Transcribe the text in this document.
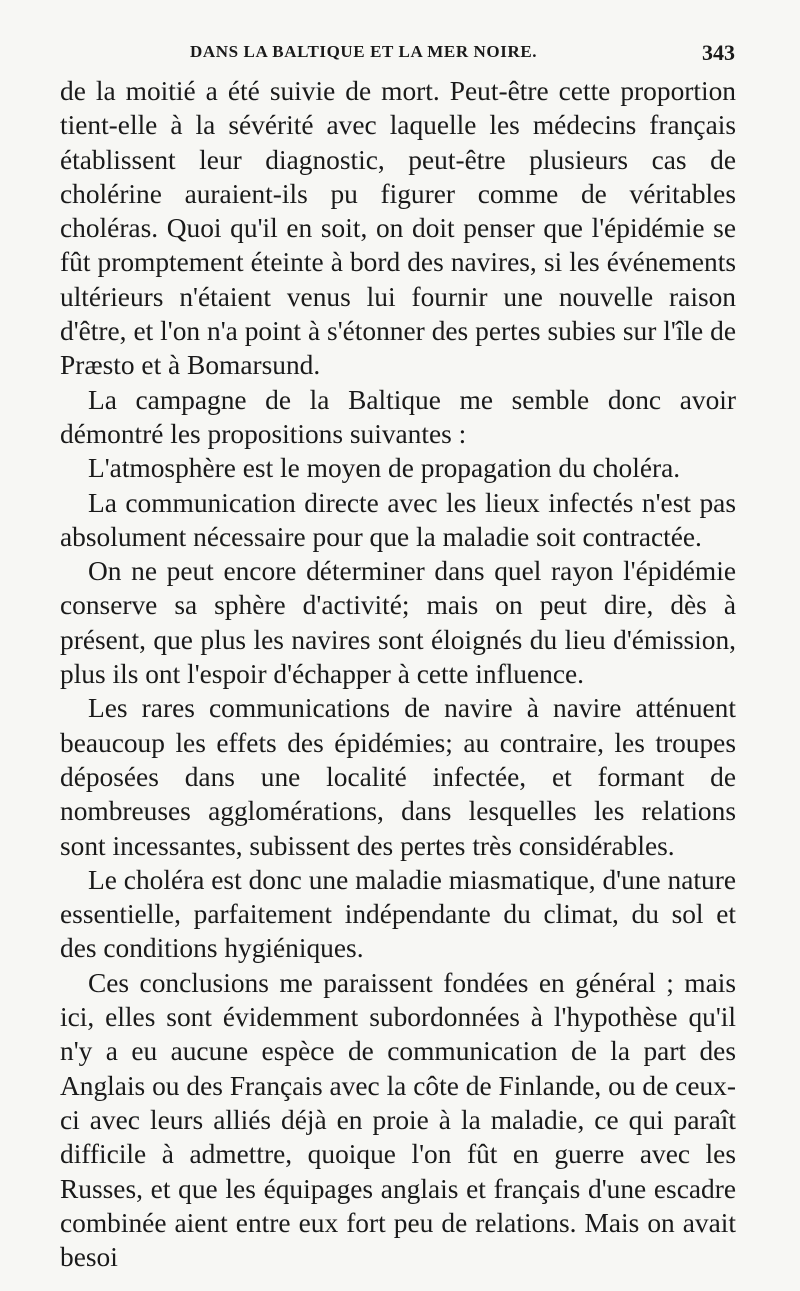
DANS LA BALTIQUE ET LA MER NOIRE.	343

de la moitié a été suivie de mort. Peut-être cette proportion tient-elle à la sévérité avec laquelle les médecins français établissent leur diagnostic, peut-être plusieurs cas de cholérine auraient-ils pu figurer comme de véritables choléras. Quoi qu'il en soit, on doit penser que l'épidémie se fût promptement éteinte à bord des navires, si les événements ultérieurs n'étaient venus lui fournir une nouvelle raison d'être, et l'on n'a point à s'étonner des pertes subies sur l'île de Præsto et à Bomarsund.

La campagne de la Baltique me semble donc avoir démontré les propositions suivantes :

L'atmosphère est le moyen de propagation du choléra.

La communication directe avec les lieux infectés n'est pas absolument nécessaire pour que la maladie soit contractée.

On ne peut encore déterminer dans quel rayon l'épidémie conserve sa sphère d'activité; mais on peut dire, dès à présent, que plus les navires sont éloignés du lieu d'émission, plus ils ont l'espoir d'échapper à cette influence.

Les rares communications de navire à navire atténuent beaucoup les effets des épidémies; au contraire, les troupes déposées dans une localité infectée, et formant de nombreuses agglomérations, dans lesquelles les relations sont incessantes, subissent des pertes très considérables.

Le choléra est donc une maladie miasmatique, d'une nature essentielle, parfaitement indépendante du climat, du sol et des conditions hygiéniques.

Ces conclusions me paraissent fondées en général ; mais ici, elles sont évidemment subordonnées à l'hypothèse qu'il n'y a eu aucune espèce de communication de la part des Anglais ou des Français avec la côte de Finlande, ou de ceux-ci avec leurs alliés déjà en proie à la maladie, ce qui paraît difficile à admettre, quoique l'on fût en guerre avec les Russes, et que les équipages anglais et français d'une escadre combinée aient entre eux fort peu de relations. Mais on avait besoi
